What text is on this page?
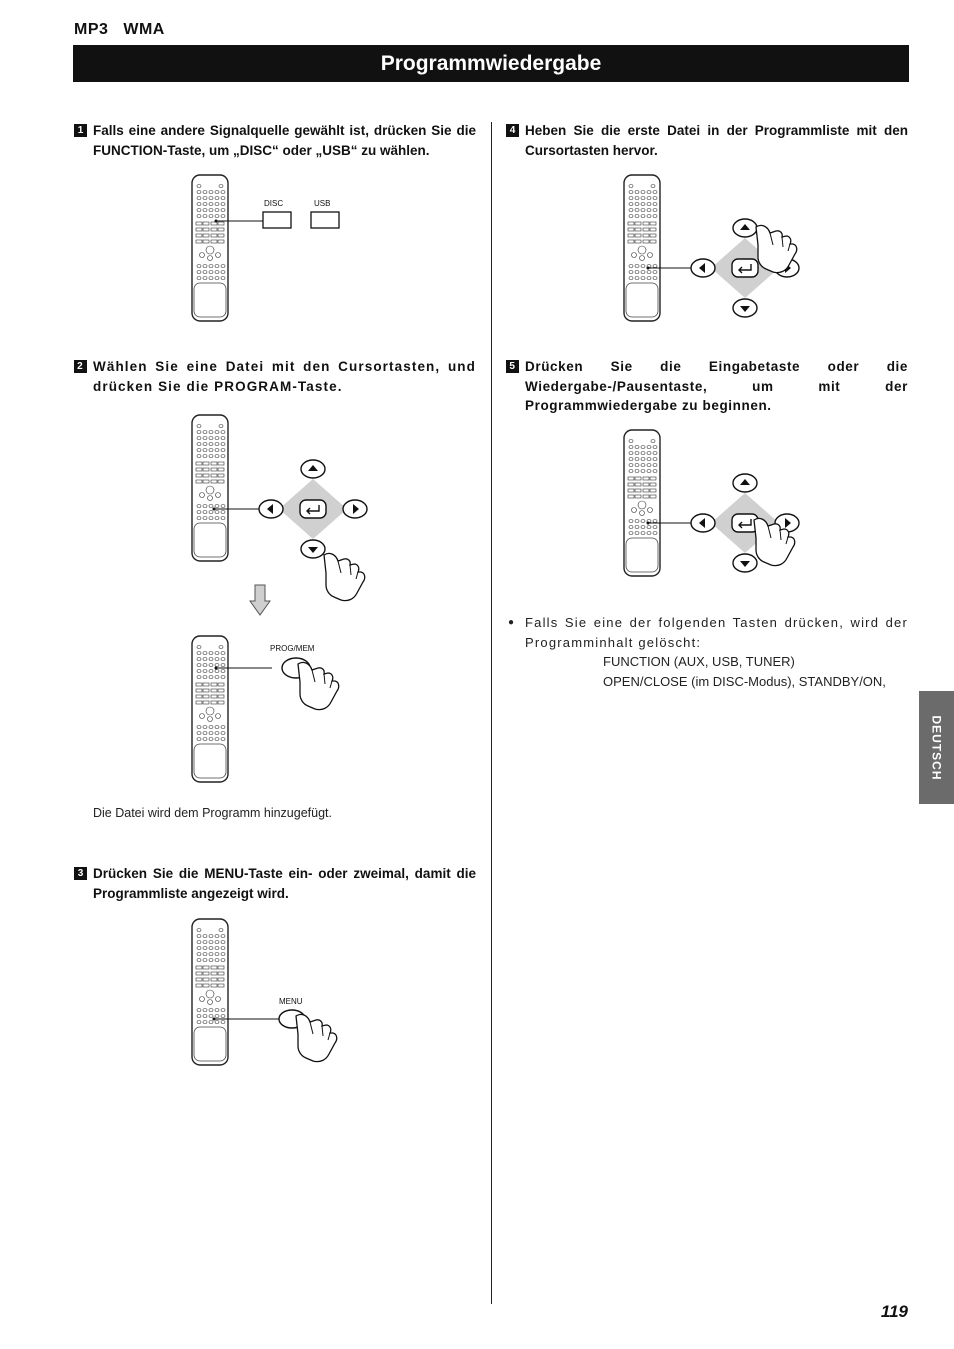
MP3 WMA
Programmwiedergabe
1 Falls eine andere Signalquelle gewählt ist, drücken Sie die FUNCTION-Taste, um „DISC“ oder „USB“ zu wählen.
2 Wählen Sie eine Datei mit den Cursortasten, und drücken Sie die PROGRAM-Taste.
Die Datei wird dem Programm hinzugefügt.
3 Drücken Sie die MENU-Taste ein- oder zweimal, damit die Programmliste angezeigt wird.
4 Heben Sie die erste Datei in der Programmliste mit den Cursortasten hervor.
5 Drücken Sie die Eingabetaste oder die Wiedergabe-/Pausentaste, um mit der Programmwiedergabe zu beginnen.
● Falls Sie eine der folgenden Tasten drücken, wird der Programminhalt gelöscht:
FUNCTION (AUX, USB, TUNER)
OPEN/CLOSE (im DISC-Modus), STANDBY/ON,
DEUTSCH
119
DISC	USB
PROG/MEM
MENU
